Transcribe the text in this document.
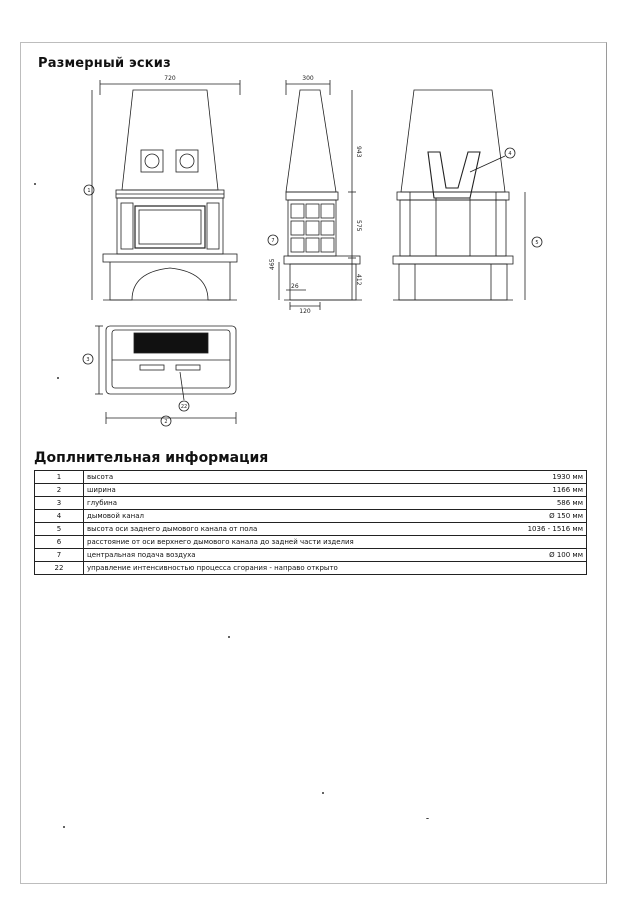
Размерный эскиз
720	300
943
575
412
465
26
120
1
2
3
4
5
7
22
Доплнительная информация
1	высота	1930 мм
2	ширина	1166 мм
3	глубина	586 мм
4	дымовой канал	Ø 150 мм
5	высота оси заднего дымового канала от пола	1036 - 1516 мм
6	расстояние от оси верхнего дымового канала до задней части изделия	
7	центральная подача воздуха	Ø 100 мм
22	управление интенсивностью процесса сгорания - направо открыто	
